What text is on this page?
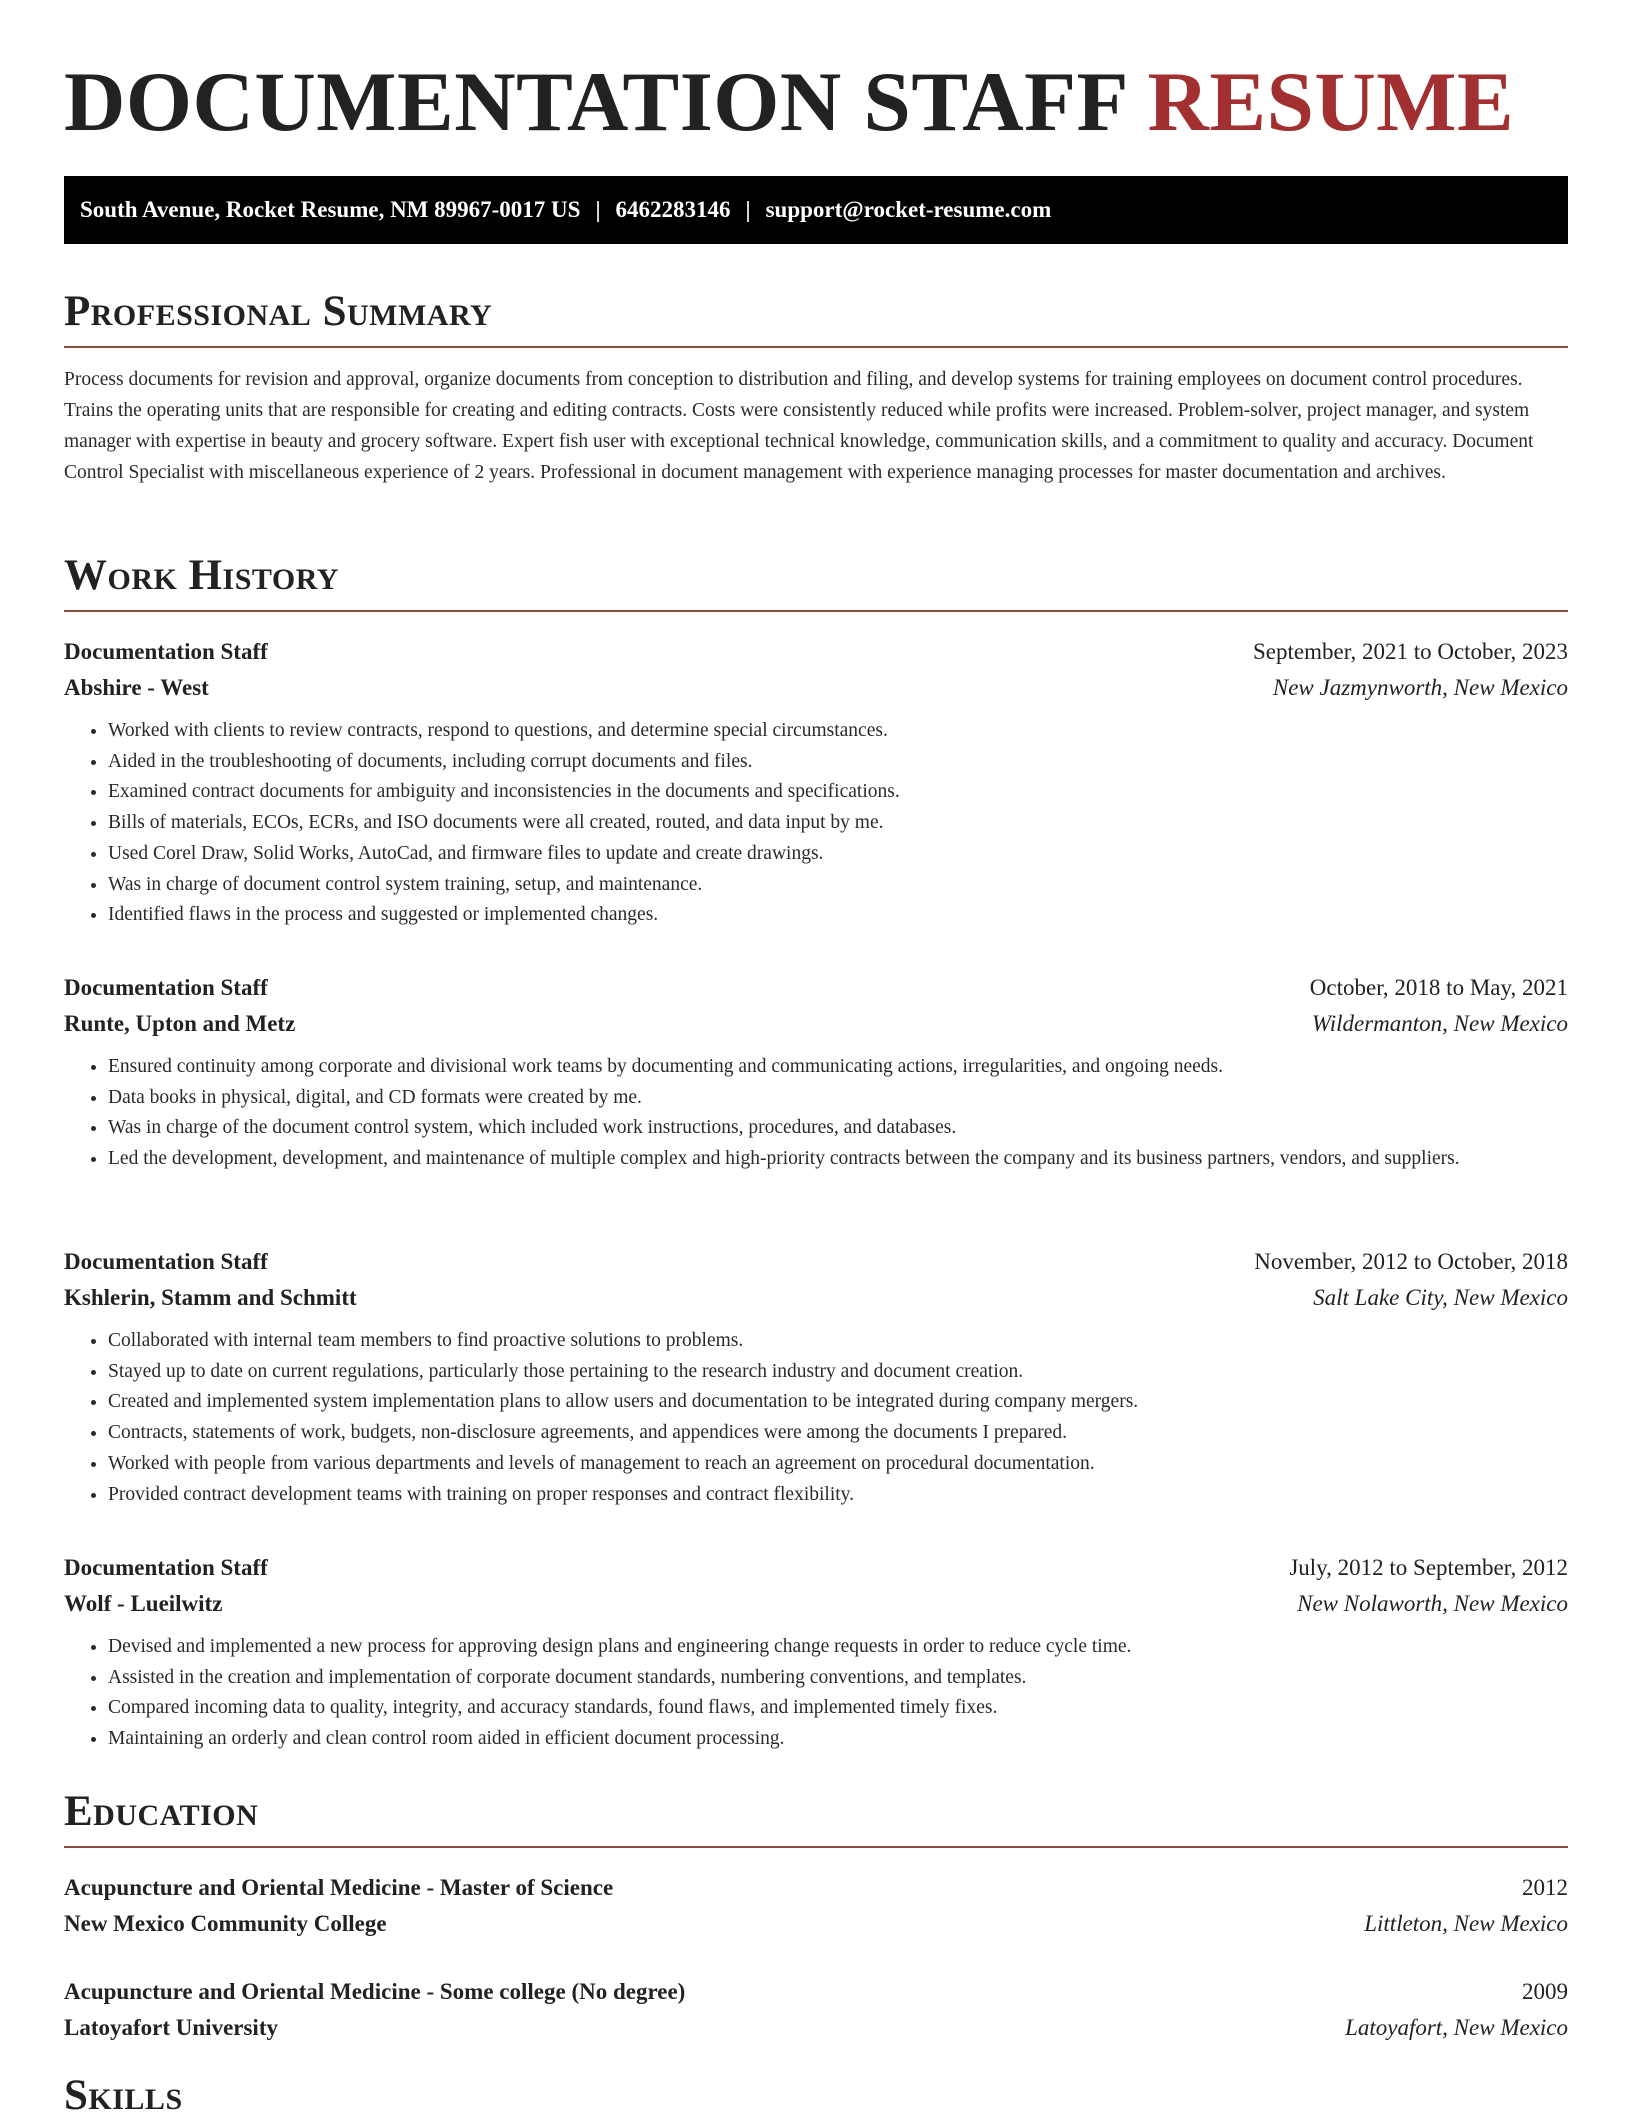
DOCUMENTATION STAFF RESUME
South Avenue, Rocket Resume, NM 89967-0017 US | 6462283146 | support@rocket-resume.com
Professional Summary

Process documents for revision and approval, organize documents from conception to distribution and filing, and develop systems for training employees on document control procedures. Trains the operating units that are responsible for creating and editing contracts. Costs were consistently reduced while profits were increased. Problem-solver, project manager, and system manager with expertise in beauty and grocery software. Expert fish user with exceptional technical knowledge, communication skills, and a commitment to quality and accuracy. Document Control Specialist with miscellaneous experience of 2 years. Professional in document management with experience managing processes for master documentation and archives.

Work History
Documentation Staff	September, 2021 to October, 2023
Abshire - West	New Jazmynworth, New Mexico
• Worked with clients to review contracts, respond to questions, and determine special circumstances.
• Aided in the troubleshooting of documents, including corrupt documents and files.
• Examined contract documents for ambiguity and inconsistencies in the documents and specifications.
• Bills of materials, ECOs, ECRs, and ISO documents were all created, routed, and data input by me.
• Used Corel Draw, Solid Works, AutoCad, and firmware files to update and create drawings.
• Was in charge of document control system training, setup, and maintenance.
• Identified flaws in the process and suggested or implemented changes.
Documentation Staff	October, 2018 to May, 2021
Runte, Upton and Metz	Wildermanton, New Mexico
• Ensured continuity among corporate and divisional work teams by documenting and communicating actions, irregularities, and ongoing needs.
• Data books in physical, digital, and CD formats were created by me.
• Was in charge of the document control system, which included work instructions, procedures, and databases.
• Led the development, development, and maintenance of multiple complex and high-priority contracts between the company and its business partners, vendors, and suppliers.
Documentation Staff	November, 2012 to October, 2018
Kshlerin, Stamm and Schmitt	Salt Lake City, New Mexico
• Collaborated with internal team members to find proactive solutions to problems.
• Stayed up to date on current regulations, particularly those pertaining to the research industry and document creation.
• Created and implemented system implementation plans to allow users and documentation to be integrated during company mergers.
• Contracts, statements of work, budgets, non-disclosure agreements, and appendices were among the documents I prepared.
• Worked with people from various departments and levels of management to reach an agreement on procedural documentation.
• Provided contract development teams with training on proper responses and contract flexibility.
Documentation Staff	July, 2012 to September, 2012
Wolf - Lueilwitz	New Nolaworth, New Mexico
• Devised and implemented a new process for approving design plans and engineering change requests in order to reduce cycle time.
• Assisted in the creation and implementation of corporate document standards, numbering conventions, and templates.
• Compared incoming data to quality, integrity, and accuracy standards, found flaws, and implemented timely fixes.
• Maintaining an orderly and clean control room aided in efficient document processing.
Education
Acupuncture and Oriental Medicine - Master of Science	2012
New Mexico Community College	Littleton, New Mexico
Acupuncture and Oriental Medicine - Some college (No degree)	2009
Latoyafort University	Latoyafort, New Mexico
Skills
